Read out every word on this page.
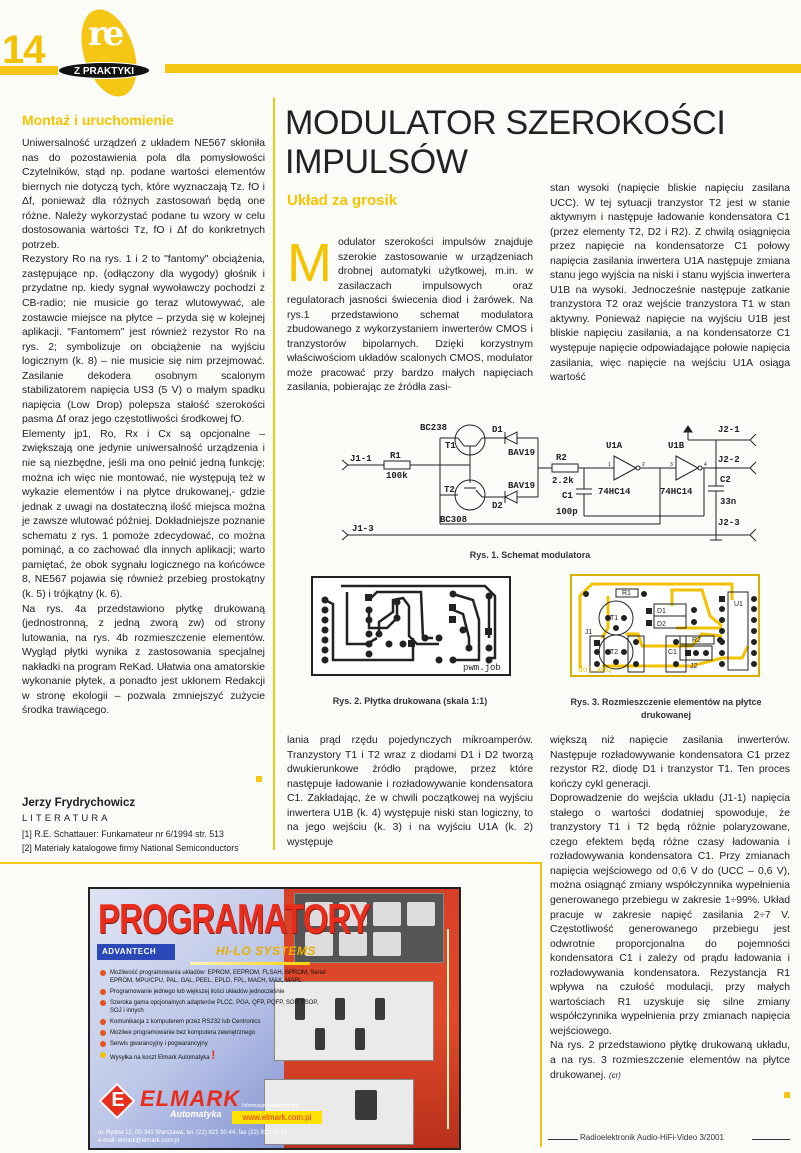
14 re
Z PRAKTYKI
Montaż i uruchomienie

Uniwersalność urządzeń z układem NE567 skłoniła nas do pozostawienia pola dla pomysłowości Czytelników, stąd np. podane wartości elementów biernych nie dotyczą tych, które wyznaczają Tz. fO i Δf, ponieważ dla różnych zastosowań będą one różne. Należy wykorzystać podane tu wzory w celu dostosowania wartości Tz, fO i Δf do konkretnych potrzeb.

Rezystory Ro na rys. 1 i 2 to "fantomy" obciążenia, zastępujące np. (odłączony dla wygody) głośnik i przydatne np. kiedy sygnał wywoławczy pochodzi z CB-radio; nie musicie go teraz wlutowywać, ale zostawcie miejsce na płytce – przyda się w kolejnej aplikacji. "Fantomem" jest również rezystor Ro na rys. 2; symbolizuje on obciążenie na wyjściu logicznym (k. 8) – nie musicie się nim przejmować. Zasilanie dekodera osobnym scalonym stabilizatorem napięcia US3 (5 V) o małym spadku napięcia (Low Drop) polepsza stałość szerokości pasma Δf oraz jego częstotliwości środkowej fO.

Elementy jp1, Ro, Rx i Cx są opcjonalne – zwiększają one jedynie uniwersalność urządzenia i nie są niezbędne, jeśli ma ono pełnić jedną funkcję; można ich więc nie montować, nie występują też w wykazie elementów i na płytce drukowanej,- gdzie jednak z uwagi na dostateczną ilość miejsca można je zawsze wlutować później. Dokładniejsze poznanie schematu z rys. 1 pomoże zdecydować, co można pominąć, a co zachować dla innych aplikacji; warto pamiętać, że obok sygnału logicznego na końcówce 8, NE567 pojawia się również przebieg prostokątny (k. 5) i trójkątny (k. 6).

Na rys. 4a przedstawiono płytkę drukowaną (jednostronną, z jedną zworą zw) od strony lutowania, na rys. 4b rozmieszczenie elementów. Wygląd płytki wynika z zastosowania specjalnej nakładki na program ReKad. Ułatwia ona amatorskie wykonanie płytek, a ponadto jest ukłonem Redakcji w stronę ekologii – pozwala zmniejszyć zużycie środka trawiącego.

Jerzy Frydrychowicz
LITERATURA
[1] R.E. Schattauer: Funkamateur nr 6/1994 str. 513
[2] Materiały katalogowe firmy National Semiconductors
MODULATOR SZEROKOŚCI
IMPULSÓW
Układ za grosik
M odulator szerokości impulsów znajduje szerokie zastosowanie w urządzeniach drobnej automatyki użytkowej, m.in. w zasilaczach impulsowych oraz regulatorach jasności świecenia diod i żarówek. Na rys.1 przedstawiono schemat modulatora zbudowanego z wykorzystaniem inwerterów CMOS i tranzystorów bipolarnych. Dzięki korzystnym właściwościom układów scalonych CMOS, modulator może pracować przy bardzo małych napięciach zasilania, pobierając ze źródła zasi-

stan wysoki (napięcie bliskie napięciu zasilana UCC). W tej sytuacji tranzystor T2 jest w stanie aktywnym i następuje ładowanie kondensatora C1 (przez elementy T2, D2 i R2). Z chwilą osiągnięcia przez napięcie na kondensatorze C1 połowy napięcia zasilania inwertera U1A następuje zmiana stanu jego wyjścia na niski i stanu wyjścia inwertera U1B na wysoki. Jednocześnie następuje zatkanie tranzystora T2 oraz wejście tranzystora T1 w stan aktywny. Ponieważ napięcie na wyjściu U1B jest bliskie napięciu zasilania, a na kondensatorze C1 występuje napięcie odpowiadające połowie napięcia zasilania, więc napięcie na wejściu U1A osiąga wartość

BC238
T1
D1
BAV19
J1-1 R1
100k
T2
D2
BAV19
BC308
R2
2.2k
C1
100p
U1A
74HC14
U1B
74HC14
J2-1
J2-2
C2
33n
J2-3
J1-3
1	2	3	4
Rys. 1. Schemat modulatora
pwm.job
Rys. 2. Płytka drukowana (skala 1:1)
D1
D2
T1
T2
J1
J2
U1
R2
C1
R1
doj.meq
Rys. 3. Rozmieszczenie elementów na płytce drukowanej

lania prąd rzędu pojedynczych mikroamperów. Tranzystory T1 i T2 wraz z diodami D1 i D2 tworzą dwukierunkowe źródło prądowe, przez które następuje ładowanie i rozładowywanie kondensatora C1. Zakładając, że w chwili początkowej na wyjściu inwertera U1B (k. 4) występuje niski stan logiczny, to na jego wejściu (k. 3) i na wyjściu U1A (k. 2) występuje

większą niż napięcie zasilania inwerterów. Następuje rozładowywanie kondensatora C1 przez rezystor R2, diodę D1 i tranzystor T1. Ten proces kończy cykl generacji.

Doprowadzenie do wejścia układu (J1-1) napięcia stałego o wartości dodatniej spowoduje, że tranzystory T1 i T2 będą różnie polaryzowane, czego efektem będą różne czasy ładowania i rozładowywania kondensatora C1. Przy zmianach napięcia wejściowego od 0,6 V do (UCC – 0,6 V), można osiągnąć zmiany współczynnika wypełnienia generowanego przebiegu w zakresie 1÷99%. Układ pracuje w zakresie napięć zasilania 2÷7 V. Częstotliwość generowanego przebiegu jest odwrotnie proporcjonalna do pojemności kondensatora C1 i zależy od prądu ładowania i rozładowywania kondensatora. Rezystancja R1 wpływa na czułość modulacji, przy małych wartościach R1 uzyskuje się silne zmiany współczynnika wypełnienia przy zmianach napięcia wejściowego.

Na rys. 2 przedstawiono płytkę drukowaną układu, a na rys. 3 rozmieszczenie elementów na płytce drukowanej. (cr)

PROGRAMATORY
ADVANTECH	HI-LO SYSTEMS
Możliwość programowania układów: EPROM, EEPROM, FLSAH, BPROM, Serial EPROM, MPU/CPU, PAL, GAL, PEEL, EPLD, FPL, MACH, MAX, MAPL
Programowanie jednego lub większej ilości układów jednocześnie
Szeroka gama opcjonalnych adapterów PLCC, PGA, QFP, PQFP, SOP, TSOP, SOJ i innych
Komunikacja z komputerem przez RS232 lub Centronics
Możliwe programowanie bez komputera zewnętrznego
Serwis gwarancyjny i pogwarancyjny
Wysyłka na koszt Elmark Automatyka !
E ELMARK
Automatyka
Informacje znajdziesz na
www.elmark.com.pl
ul. Rydna 12, 00-341 Warszawa, tel. (22) 821 30 44, fax (22) 821 30 33
e-mail: elmark@elmark.com.pl	Radioelektronik Audio-HiFi-Video 3/2001
